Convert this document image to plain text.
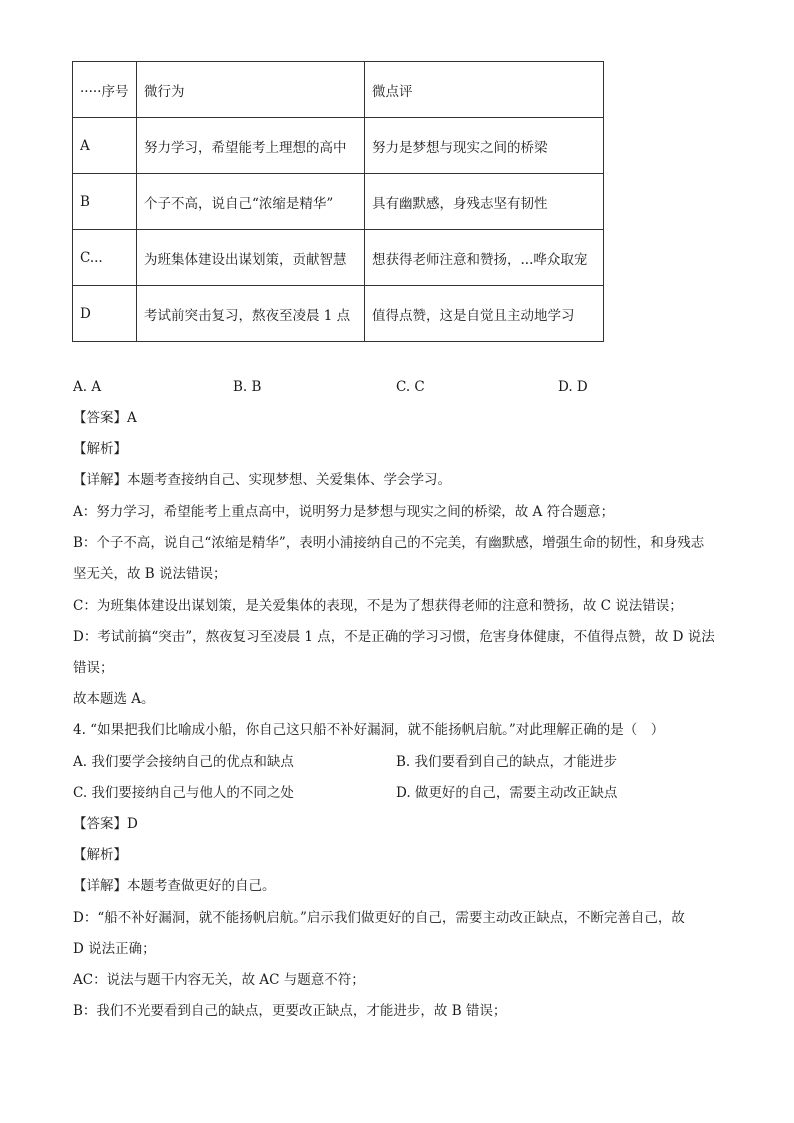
·····序号	微行为	微点评
A	努力学习，希望能考上理想的高中	努力是梦想与现实之间的桥梁
B	个子不高，说自己“浓缩是精华”	具有幽默感，身残志坚有韧性
C...	为班集体建设出谋划策，贡献智慧	想获得老师注意和赞扬，...哗众取宠
D	考试前突击复习，熬夜至凌晨 1 点	值得点赞，这是自觉且主动地学习
A. A	B. B	C. C	D. D
【答案】A
【解析】
【详解】本题考查接纳自己、实现梦想、关爱集体、学会学习。
A：努力学习，希望能考上重点高中，说明努力是梦想与现实之间的桥梁，故 A 符合题意；
B：个子不高，说自己“浓缩是精华”，表明小浦接纳自己的不完美，有幽默感，增强生命的韧性，和身残志
坚无关，故 B 说法错误；
C：为班集体建设出谋划策，是关爱集体的表现，不是为了想获得老师的注意和赞扬，故 C 说法错误；
D：考试前搞“突击”，熬夜复习至凌晨 1 点，不是正确的学习习惯，危害身体健康，不值得点赞，故 D 说法
错误；
故本题选 A。
4. “如果把我们比喻成小船，你自己这只船不补好漏洞，就不能扬帆启航。”对此理解正确的是（　）
A. 我们要学会接纳自己的优点和缺点	B. 我们要看到自己的缺点，才能进步
C. 我们要接纳自己与他人的不同之处	D. 做更好的自己，需要主动改正缺点
【答案】D
【解析】
【详解】本题考查做更好的自己。
D：“船不补好漏洞，就不能扬帆启航。”启示我们做更好的自己，需要主动改正缺点，不断完善自己，故
D 说法正确；
AC：说法与题干内容无关，故 AC 与题意不符；
B：我们不光要看到自己的缺点，更要改正缺点，才能进步，故 B 错误；
